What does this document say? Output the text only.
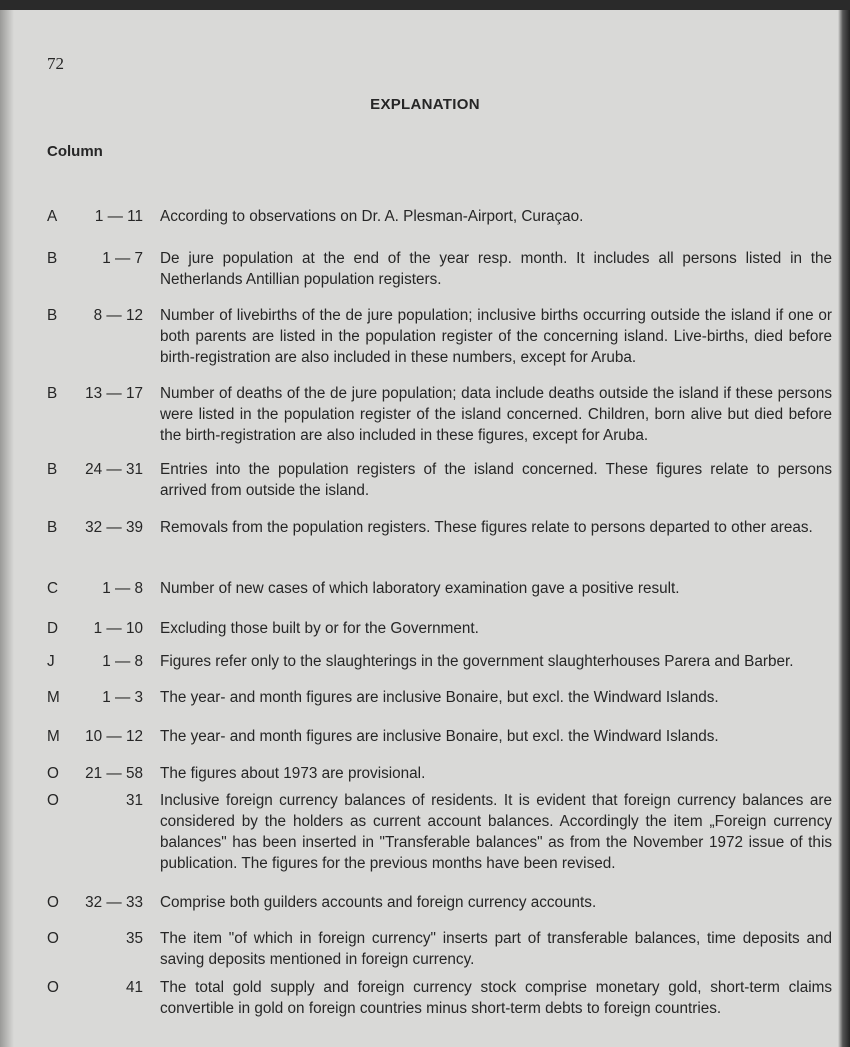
72
EXPLANATION
Column
A	1 — 11 According to observations on Dr. A. Plesman-Airport, Curaçao.
B	1 — 7 De jure population at the end of the year resp. month. It includes all persons listed in the Netherlands Antillian population registers.
B	8 — 12 Number of livebirths of the de jure population; inclusive births occurring outside the island if one or both parents are listed in the population register of the concerning island. Live-births, died before birth-registration are also included in these numbers, except for Aruba.
B 13 — 17 Number of deaths of the de jure population; data include deaths outside the island if these persons were listed in the population register of the island concerned. Children, born alive but died before the birth-registration are also included in these figures, except for Aruba.
B 24 — 31 Entries into the population registers of the island concerned. These figures relate to persons arrived from outside the island.
B 32 — 39 Removals from the population registers. These figures relate to persons departed to other areas.
C	1 — 8 Number of new cases of which laboratory examination gave a positive result.
D	1 — 10 Excluding those built by or for the Government.
J	1 — 8 Figures refer only to the slaughterings in the government slaughterhouses Parera and Barber.
M	1 — 3 The year- and month figures are inclusive Bonaire, but excl. the Windward Islands.
M 10 — 12 The year- and month figures are inclusive Bonaire, but excl. the Windward Islands.
O 21 — 58 The figures about 1973 are provisional.
O	31 Inclusive foreign currency balances of residents. It is evident that foreign currency balances are considered by the holders as current account balances. Accordingly the item „Foreign currency balances" has been inserted in "Transferable balances" as from the November 1972 issue of this publication. The figures for the previous months have been revised.
O 32 — 33 Comprise both guilders accounts and foreign currency accounts.
O	35 The item "of which in foreign currency" inserts part of transferable balances, time deposits and saving deposits mentioned in foreign currency.
O	41 The total gold supply and foreign currency stock comprise monetary gold, short-term claims convertible in gold on foreign countries minus short-term debts to foreign countries.
